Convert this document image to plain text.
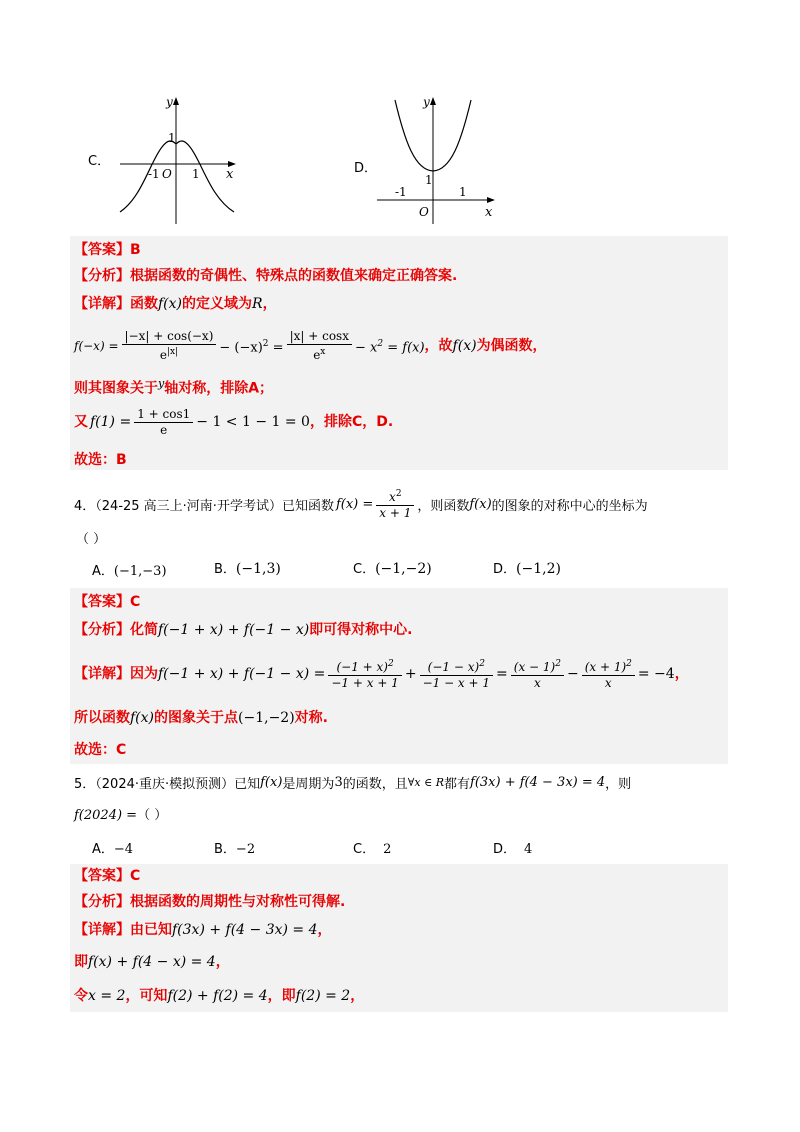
C．
y
x
1
-1 O 1	D．
y
x
1
-1
O
1
【答案】B
【分析】根据函数的奇偶性、特殊点的函数值来确定正确答案.
【详解】函数f(x)的定义域为R，
$f(-x) = \frac{|-x| + \cos(-x)}{e^{|x|}} - (-x)^2 = \frac{|x| + \cos x}{e^x} - x^2 = f(x)$ ，故 f(x) 为偶函数，
则其图象关于$^y$轴对称，排除A；
又 $f(1) = \frac{1 + \cos 1}{e} - 1 < 1 - 1 = 0$ ，排除C，D.
故选：B
4．（24-25 高三上·河南·开学考试）已知函数 $f(x) = \frac{x^2}{x + 1}$ ，则函数 f(x) 的图象的对称中心的坐标为
（ ）
A．(−1,−3)	B．(−1,3)	C．(−1,−2)	D．(−1,2)
【答案】C
【分析】化简f(−1 + x) + f(−1 − x)即可得对称中心.
【详解】因为 $f(-1 + x) + f(-1 - x) = \frac{(-1 + x)^2}{-1 + x + 1} + \frac{(-1 - x)^2}{-1 - x + 1} = \frac{(x - 1)^2}{x} - \frac{(x + 1)^2}{x} = -4$ ，
所以函数f(x)的图象关于点(−1,−2)对称.
故选：C
5．（2024·重庆·模拟预测）已知 f(x) 是周期为 3 的函数，且 ∀x ∈ R 都有 f(3x) + f(4 − 3x) = 4 ，则
f(2024) =（ ）
A．−4	B．−2	C． 2	D． 4
【答案】C
【分析】根据函数的周期性与对称性可得解.
【详解】由已知f(3x) + f(4 − 3x) = 4，
即f(x) + f(4 − x) = 4，
令x = 2，可知f(2) + f(2) = 4，即f(2) = 2，
